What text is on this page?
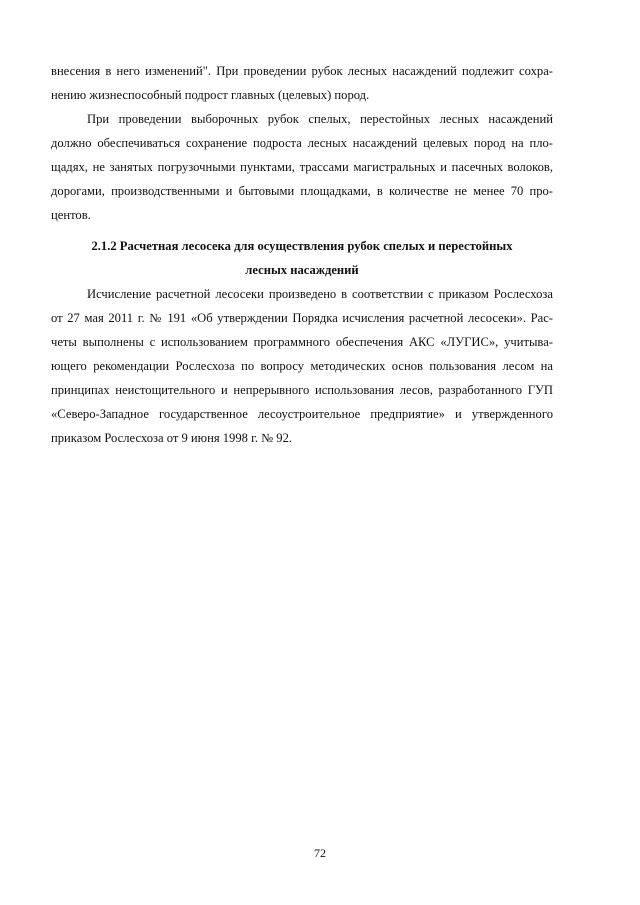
внесения в него изменений". При проведении рубок лесных насаждений подлежит сохра-
нению жизнеспособный подрост главных (целевых) пород.
При проведении выборочных рубок спелых, перестойных лесных насаждений
должно обеспечиваться сохранение подроста лесных насаждений целевых пород на пло-
щадях, не занятых погрузочными пунктами, трассами магистральных и пасечных волоков,
дорогами, производственными и бытовыми площадками, в количестве не менее 70 про-
центов.
2.1.2 Расчетная лесосека для осуществления рубок спелых и перестойных
лесных насаждений
Исчисление расчетной лесосеки произведено в соответствии с приказом Рослесхоза
от 27 мая 2011 г. № 191 «Об утверждении Порядка исчисления расчетной лесосеки». Рас-
четы выполнены с использованием программного обеспечения АКС «ЛУГИС», учитыва-
ющего рекомендации Рослесхоза по вопросу методических основ пользования лесом на
принципах неистощительного и непрерывного использования лесов, разработанного ГУП
«Северо-Западное государственное лесоустроительное предприятие» и утвержденного
приказом Рослесхоза от 9 июня 1998 г. № 92.
72
